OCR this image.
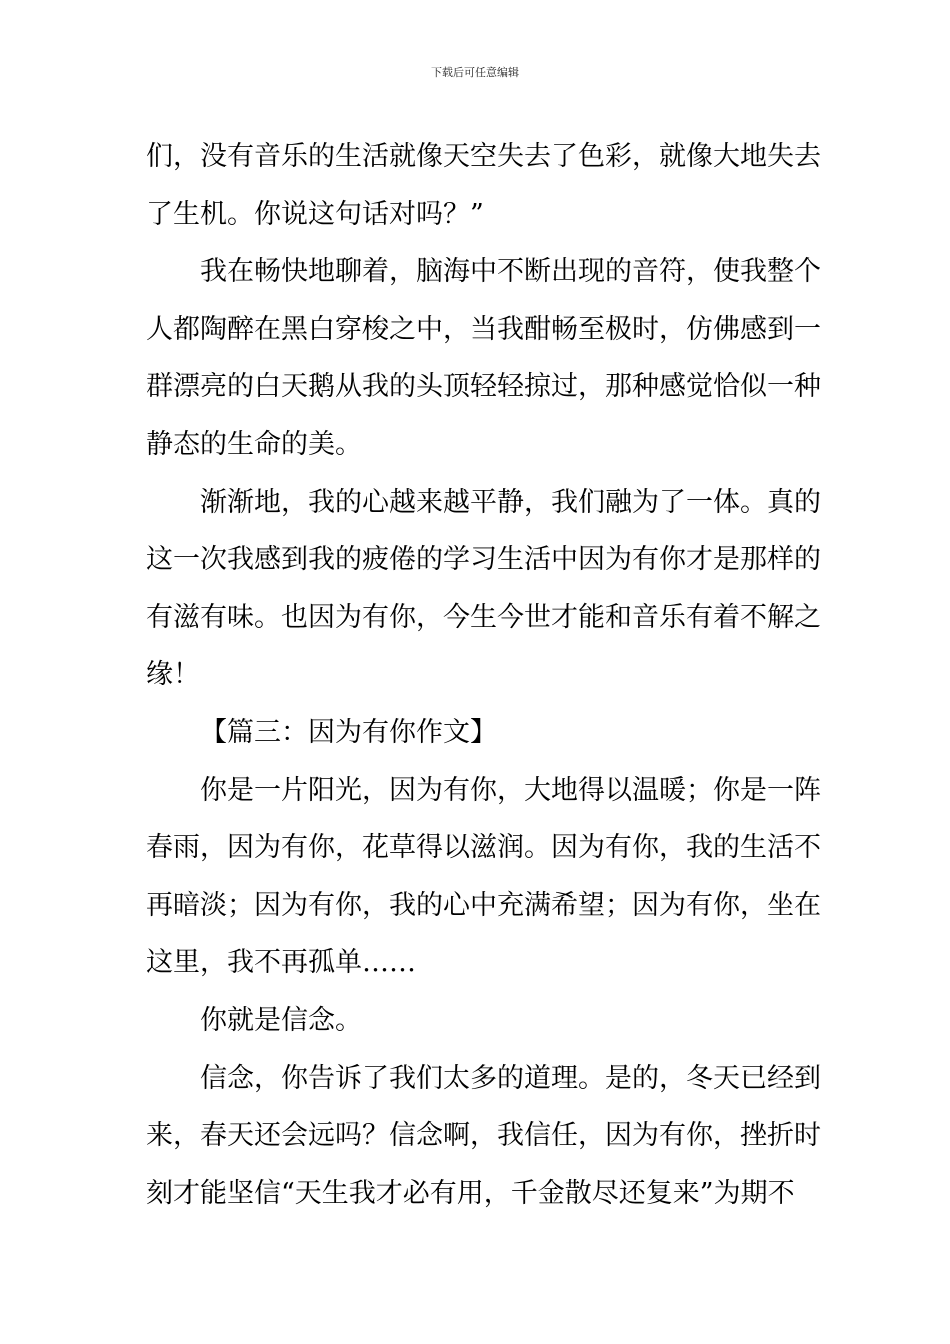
下载后可任意编辑
们，没有音乐的生活就像天空失去了色彩，就像大地失去
了生机。你说这句话对吗？”
我在畅快地聊着，脑海中不断出现的音符，使我整个
人都陶醉在黑白穿梭之中，当我酣畅至极时，仿佛感到一
群漂亮的白天鹅从我的头顶轻轻掠过，那种感觉恰似一种
静态的生命的美。
渐渐地，我的心越来越平静，我们融为了一体。真的
这一次我感到我的疲倦的学习生活中因为有你才是那样的
有滋有味。也因为有你，今生今世才能和音乐有着不解之
缘！
【篇三：因为有你作文】
你是一片阳光，因为有你，大地得以温暖；你是一阵
春雨，因为有你，花草得以滋润。因为有你，我的生活不
再暗淡；因为有你，我的心中充满希望；因为有你，坐在
这里，我不再孤单……
你就是信念。
信念，你告诉了我们太多的道理。是的，冬天已经到
来，春天还会远吗？信念啊，我信任，因为有你，挫折时
刻才能坚信“天生我才必有用，千金散尽还复来”为期不
